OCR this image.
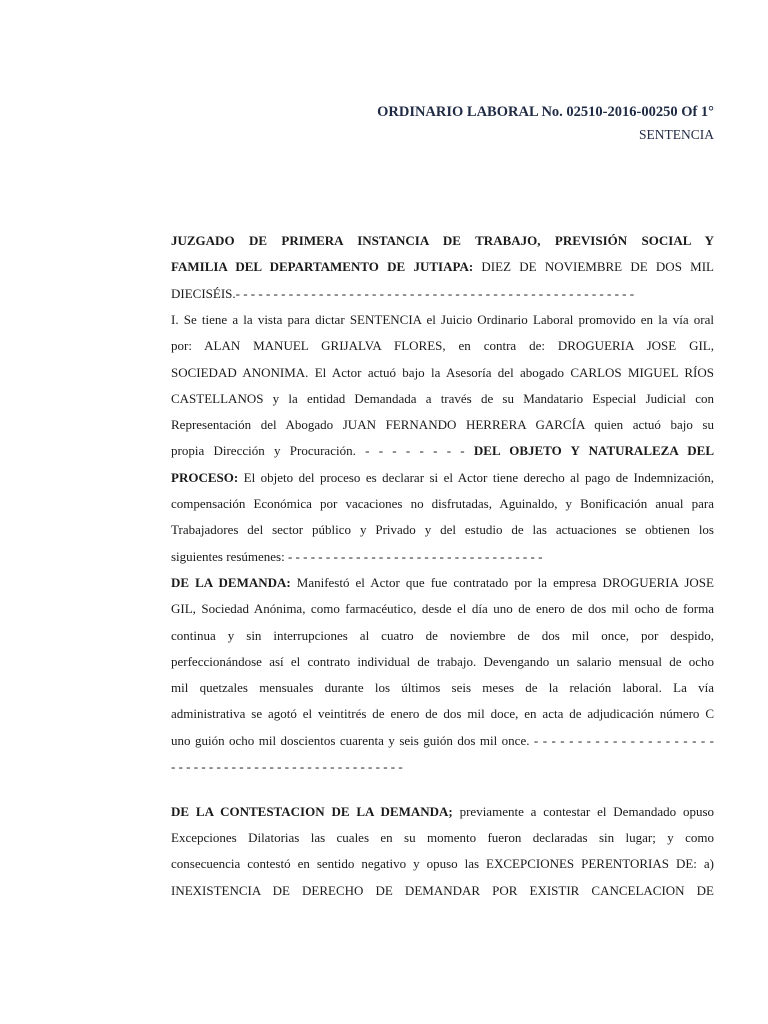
ORDINARIO LABORAL No. 02510-2016-00250 Of 1°
SENTENCIA
JUZGADO DE PRIMERA INSTANCIA DE TRABAJO, PREVISIÓN SOCIAL Y
FAMILIA DEL DEPARTAMENTO DE JUTIAPA: DIEZ DE NOVIEMBRE DE DOS MIL
DIECISÉIS.- - - - - - - - - - - - - - - - - - - - - - - - - - - - - - - - - - - - - - - - - - - - - - - - - - - - -
I. Se tiene a la vista para dictar SENTENCIA el Juicio Ordinario Laboral promovido en la vía oral
por: ALAN MANUEL GRIJALVA FLORES, en contra de: DROGUERIA JOSE GIL,
SOCIEDAD ANONIMA. El Actor actuó bajo la Asesoría del abogado CARLOS MIGUEL RÍOS
CASTELLANOS y la entidad Demandada a través de su Mandatario Especial Judicial con
Representación del Abogado JUAN FERNANDO HERRERA GARCÍA quien actuó bajo su
propia Dirección y Procuración. - - - - - - - - DEL OBJETO Y NATURALEZA DEL
PROCESO: El objeto del proceso es declarar si el Actor tiene derecho al pago de Indemnización,
compensación Económica por vacaciones no disfrutadas, Aguinaldo, y Bonificación anual para
Trabajadores del sector público y Privado y del estudio de las actuaciones se obtienen los
siguientes resúmenes: - - - - - - - - - - - - - - - - - - - - - - - - - - - - - - - - - -
DE LA DEMANDA: Manifestó el Actor que fue contratado por la empresa DROGUERIA JOSE
GIL, Sociedad Anónima, como farmacéutico, desde el día uno de enero de dos mil ocho de forma
continua y sin interrupciones al cuatro de noviembre de dos mil once, por despido,
perfeccionándose así el contrato individual de trabajo. Devengando un salario mensual de ocho
mil quetzales mensuales durante los últimos seis meses de la relación laboral. La vía
administrativa se agotó el veintitrés de enero de dos mil doce, en acta de adjudicación número C
uno guión ocho mil doscientos cuarenta y seis guión dos mil once. - - - - - - - - - - - - - - - - - - - - -
- - - - - - - - - - - - - - - - - - - - - - - - - - - - - - -
DE LA CONTESTACION DE LA DEMANDA; previamente a contestar el Demandado opuso
Excepciones Dilatorias las cuales en su momento fueron declaradas sin lugar; y como
consecuencia contestó en sentido negativo y opuso las EXCEPCIONES PERENTORIAS DE: a)
INEXISTENCIA DE DERECHO DE DEMANDAR POR EXISTIR CANCELACION DE
